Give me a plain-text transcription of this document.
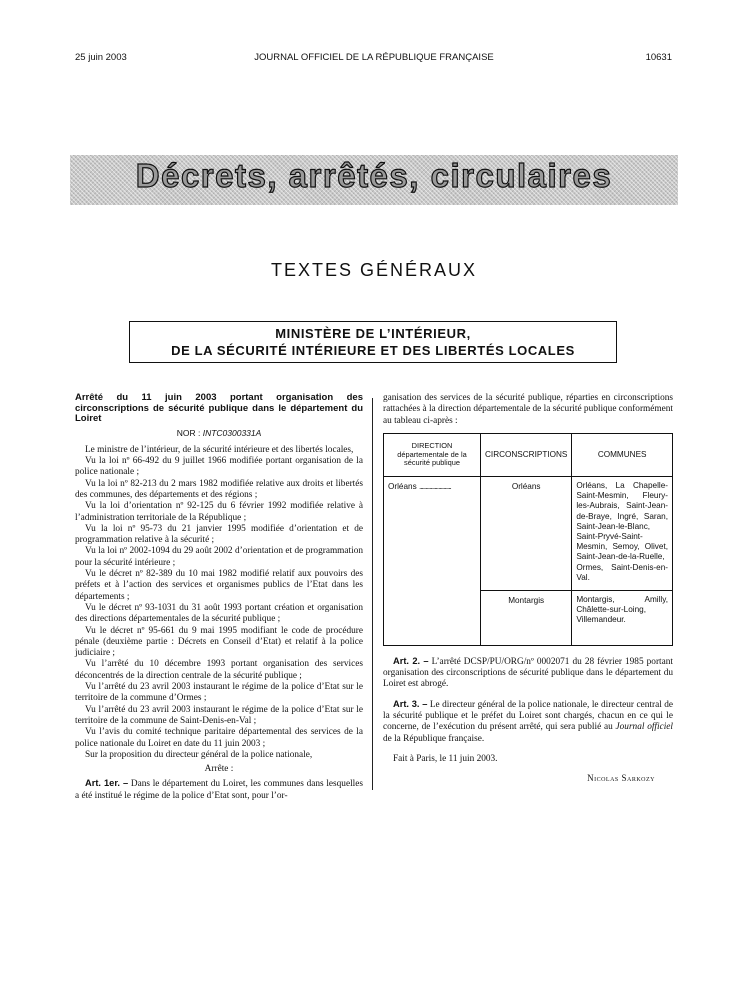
25 juin 2003	JOURNAL OFFICIEL DE LA RÉPUBLIQUE FRANÇAISE	10631
Décrets, arrêtés, circulaires
TEXTES GÉNÉRAUX
MINISTÈRE DE L’INTÉRIEUR,
DE LA SÉCURITÉ INTÉRIEURE ET DES LIBERTÉS LOCALES
Arrêté du 11 juin 2003 portant organisation des circonscriptions de sécurité publique dans le département du Loiret
NOR : INTC0300331A

Le ministre de l’intérieur, de la sécurité intérieure et des libertés locales,

Vu la loi nº 66-492 du 9 juillet 1966 modifiée portant organisation de la police nationale ;

Vu la loi nº 82-213 du 2 mars 1982 modifiée relative aux droits et libertés des communes, des départements et des régions ;

Vu la loi d’orientation nº 92-125 du 6 février 1992 modifiée relative à l’administration territoriale de la République ;

Vu la loi nº 95-73 du 21 janvier 1995 modifiée d’orientation et de programmation relative à la sécurité ;

Vu la loi nº 2002-1094 du 29 août 2002 d’orientation et de programmation pour la sécurité intérieure ;

Vu le décret nº 82-389 du 10 mai 1982 modifié relatif aux pouvoirs des préfets et à l’action des services et organismes publics de l’Etat dans les départements ;

Vu le décret nº 93-1031 du 31 août 1993 portant création et organisation des directions départementales de la sécurité publique ;

Vu le décret nº 95-661 du 9 mai 1995 modifiant le code de procédure pénale (deuxième partie : Décrets en Conseil d’Etat) et relatif à la police judiciaire ;

Vu l’arrêté du 10 décembre 1993 portant organisation des services déconcentrés de la direction centrale de la sécurité publique ;

Vu l’arrêté du 23 avril 2003 instaurant le régime de la police d’Etat sur le territoire de la commune d’Ormes ;

Vu l’arrêté du 23 avril 2003 instaurant le régime de la police d’Etat sur le territoire de la commune de Saint-Denis-en-Val ;

Vu l’avis du comité technique paritaire départemental des services de la police nationale du Loiret en date du 11 juin 2003 ;

Sur la proposition du directeur général de la police nationale,

Arrête :

Art. 1er. – Dans le département du Loiret, les communes dans lesquelles a été institué le régime de la police d’Etat sont, pour l’or-

ganisation des services de la sécurité publique, réparties en circonscriptions rattachées à la direction départementale de la sécurité publique conformément au tableau ci-après :
DIRECTION départementale de la sécurité publique	CIRCONSCRIPTIONS	COMMUNES
Orléans .........................	Orléans	Orléans, La Chapelle-Saint-Mesmin, Fleury-les-Aubrais, Saint-Jean-de-Braye, Ingré, Saran, Saint-Jean-le-Blanc, Saint-Pryvé-Saint-Mesmin, Semoy, Olivet, Saint-Jean-de-la-Ruelle, Ormes, Saint-Denis-en-Val.
	Montargis	Montargis, Amilly, Châlette-sur-Loing, Villemandeur.

Art. 2. – L’arrêté DCSP/PU/ORG/nº 0002071 du 28 février 1985 portant organisation des circonscriptions de sécurité publique dans le département du Loiret est abrogé.

Art. 3. – Le directeur général de la police nationale, le directeur central de la sécurité publique et le préfet du Loiret sont chargés, chacun en ce qui le concerne, de l’exécution du présent arrêté, qui sera publié au Journal officiel de la République française.

Fait à Paris, le 11 juin 2003.

Nicolas Sarkozy
